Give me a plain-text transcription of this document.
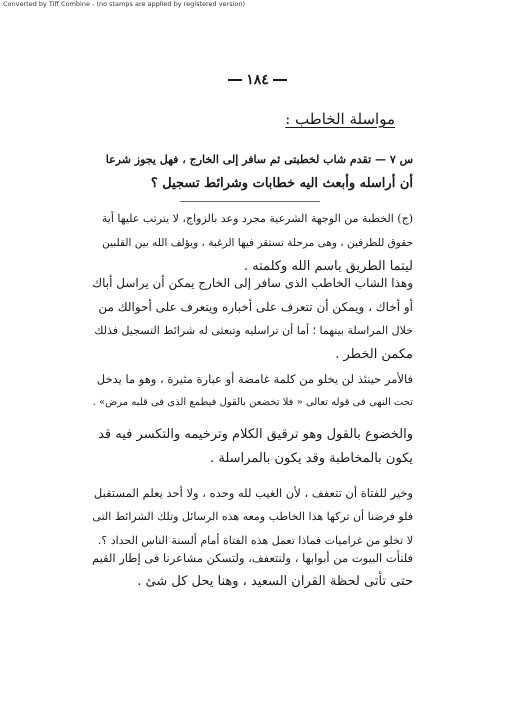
Converted by Tiff Combine - (no stamps are applied by registered version)
١٨٤
مواسلة الخاطب :
س ٧ — تقدم شاب لخطبتى ثم سافر إلى الخارج ، فهل يجوز شرعا
أن أراسله وأبعث اليه خطابات وشرائط تسجيل ؟
(ج) الخطبة من الوجهة الشرعية مجرد وعد بالزواج، لا يترتب عليها أية
حقوق للطرفين ، وهى مرحلة تستقر فيها الرغبة ، ويؤلف الله بين القلبين
ليتما الطريق باسم الله وكلمته .
وهذا الشاب الخاطب الذى سافر إلى الخارج يمكن أن يراسل أباك
أو أخاك ، ويمكن أن تتعرف على أخباره ويتعرف على أحوالك من
خلال المراسلة بينهما ؛ أما أن تراسليه وتبعثى له شرائط التسجيل فذلك
مكمن الخطر .
فالأمر حينئذ لن يخلو من كلمة غامضة أو عبارة مثيرة ، وهو ما يدخل
تحت النهى فى قوله تعالى « فلا تخضعن بالقول فيطمع الذى فى قلبه مرض» .
والخضوع بالقول وهو ترقيق الكلام وترخيمه والتكسر فيه قد
يكون بالمخاطبة وقد يكون بالمراسلة .
وخير للفتاة أن تتعفف ، لأن الغيب لله وحده ، ولا أحد يعلم المستقبل
فلو فرضنا أن تركها هذا الخاطب ومعه هذه الرسائل وتلك الشرائط التى
لا تخلو من غراميات فماذا تعمل هذه الفتاة أمام ألسنة الناس الحداد ؟.
فلنأت البيوت من أبوابها ، ولنتعفف، ولتسكن مشاعرنا فى إطار القيم
حتى تأتى لحظة القران السعيد ، وهنا يحل كل شئ .
